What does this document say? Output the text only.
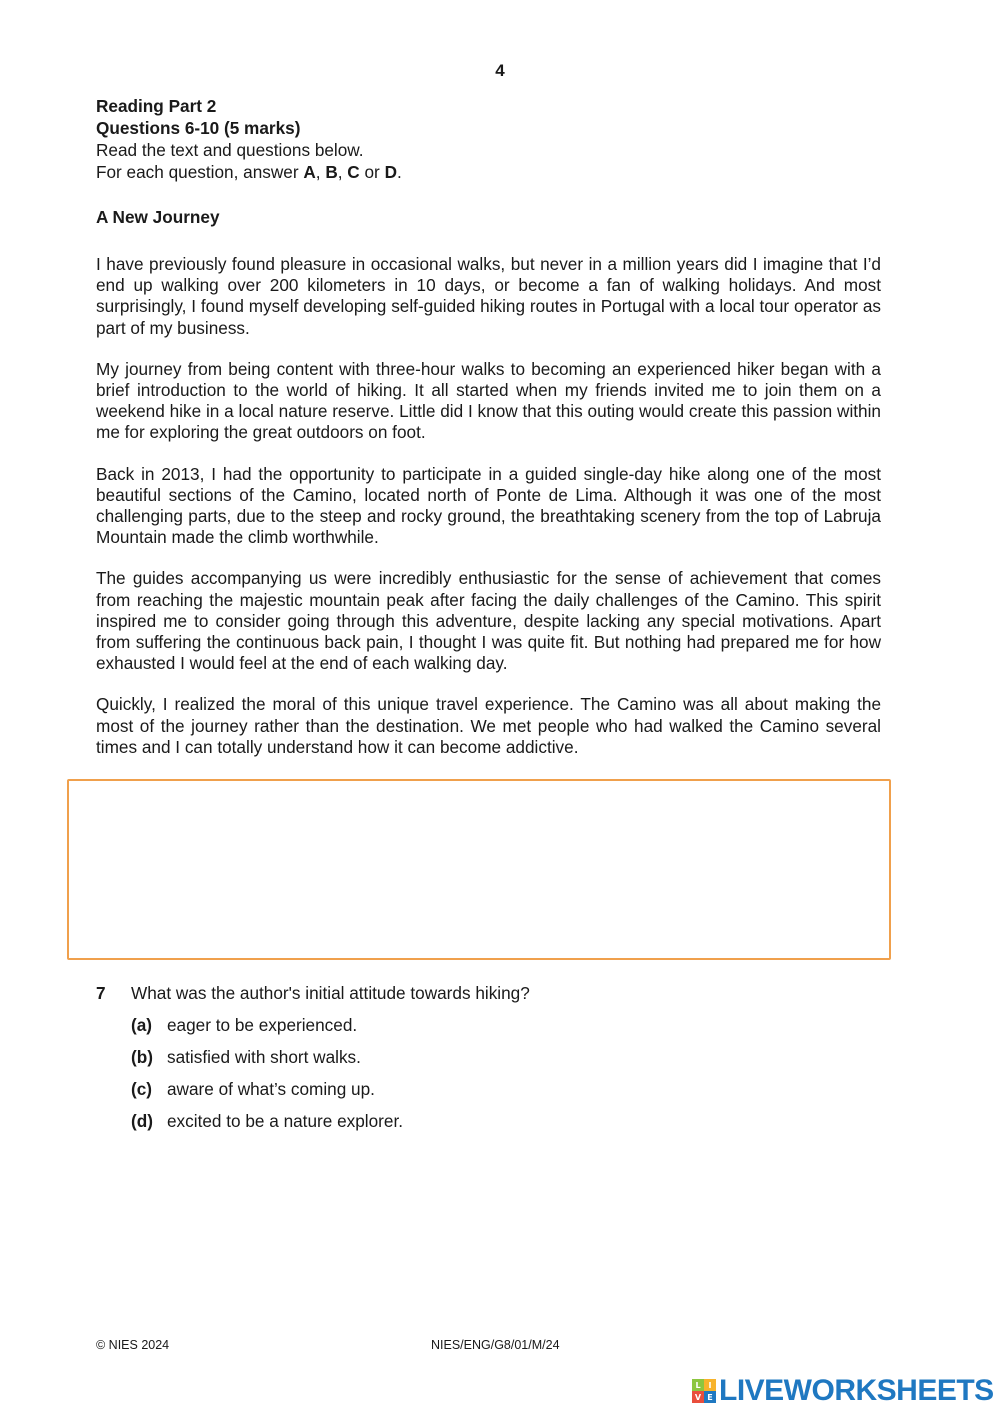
4
Reading Part 2
Questions 6-10 (5 marks)
Read the text and questions below.
For each question, answer A, B, C or D.
A New Journey

I have previously found pleasure in occasional walks, but never in a million years did I imagine that I’d end up walking over 200 kilometers in 10 days, or become a fan of walking holidays. And most surprisingly, I found myself developing self-guided hiking routes in Portugal with a local tour operator as part of my business.

My journey from being content with three-hour walks to becoming an experienced hiker began with a brief introduction to the world of hiking. It all started when my friends invited me to join them on a weekend hike in a local nature reserve. Little did I know that this outing would create this passion within me for exploring the great outdoors on foot.

Back in 2013, I had the opportunity to participate in a guided single-day hike along one of the most beautiful sections of the Camino, located north of Ponte de Lima. Although it was one of the most challenging parts, due to the steep and rocky ground, the breathtaking scenery from the top of Labruja Mountain made the climb worthwhile.

The guides accompanying us were incredibly enthusiastic for the sense of achievement that comes from reaching the majestic mountain peak after facing the daily challenges of the Camino. This spirit inspired me to consider going through this adventure, despite lacking any special motivations. Apart from suffering the continuous back pain, I thought I was quite fit. But nothing had prepared me for how exhausted I would feel at the end of each walking day.

Quickly, I realized the moral of this unique travel experience. The Camino was all about making the most of the journey rather than the destination. We met people who had walked the Camino several times and I can totally understand how it can become addictive.

7	What was the author's initial attitude towards hiking?
(a) eager to be experienced.
(b) satisfied with short walks.
(c) aware of what’s coming up.
(d) excited to be a nature explorer.
© NIES 2024	NIES/ENG/G8/01/M/24
L I
V E LIVEWORKSHEETS
